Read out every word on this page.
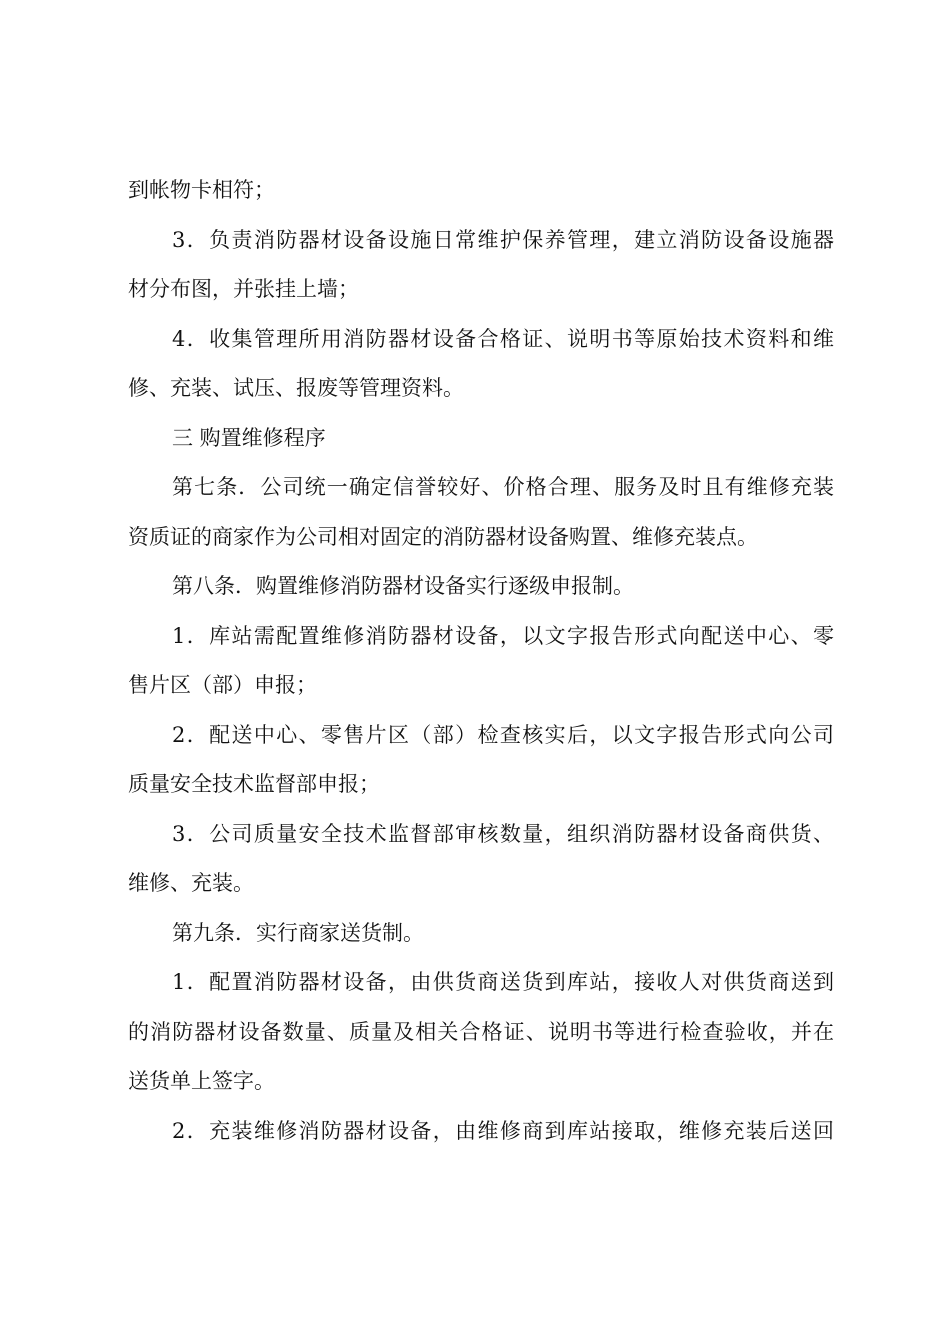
到帐物卡相符；
3．负责消防器材设备设施日常维护保养管理，建立消防设备设施器
材分布图，并张挂上墙；
4．收集管理所用消防器材设备合格证、说明书等原始技术资料和维
修、充装、试压、报废等管理资料。
三 购置维修程序
第七条．公司统一确定信誉较好、价格合理、服务及时且有维修充装
资质证的商家作为公司相对固定的消防器材设备购置、维修充装点。
第八条．购置维修消防器材设备实行逐级申报制。
1．库站需配置维修消防器材设备，以文字报告形式向配送中心、零
售片区（部）申报；
2．配送中心、零售片区（部）检查核实后，以文字报告形式向公司
质量安全技术监督部申报；
3．公司质量安全技术监督部审核数量，组织消防器材设备商供货、
维修、充装。
第九条．实行商家送货制。
1．配置消防器材设备，由供货商送货到库站，接收人对供货商送到
的消防器材设备数量、质量及相关合格证、说明书等进行检查验收，并在
送货单上签字。
2．充装维修消防器材设备，由维修商到库站接取，维修充装后送回
